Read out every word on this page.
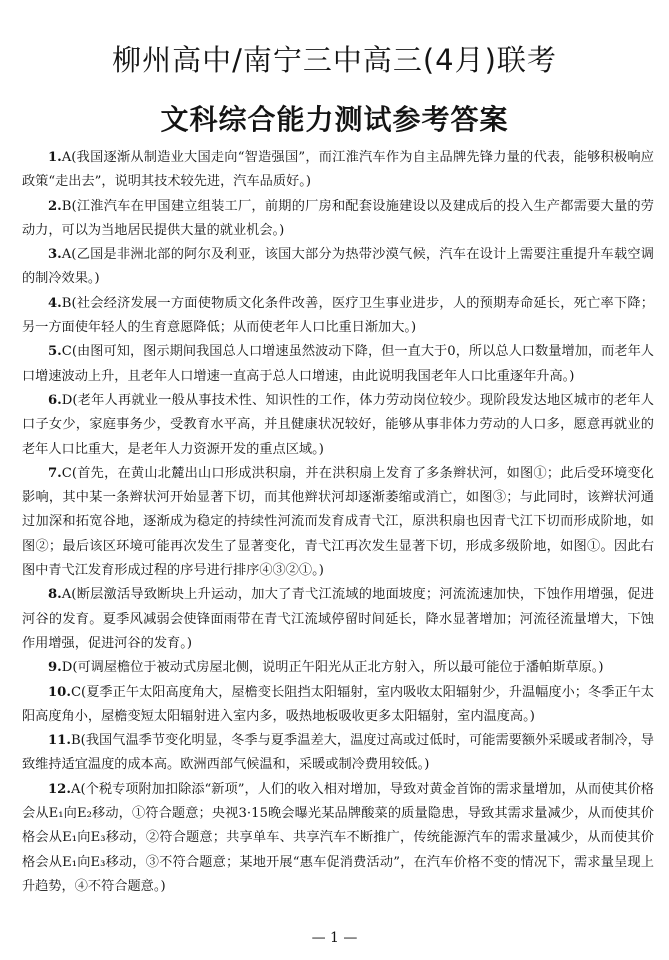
柳州高中/南宁三中高三(4月)联考
文科综合能力测试参考答案

1.A(我国逐渐从制造业大国走向“智造强国”，而江淮汽车作为自主品牌先锋力量的代表，能够积极响应政策“走出去”，说明其技术较先进，汽车品质好。)

2.B(江淮汽车在甲国建立组装工厂，前期的厂房和配套设施建设以及建成后的投入生产都需要大量的劳动力，可以为当地居民提供大量的就业机会。)

3.A(乙国是非洲北部的阿尔及利亚，该国大部分为热带沙漠气候，汽车在设计上需要注重提升车载空调的制冷效果。)

4.B(社会经济发展一方面使物质文化条件改善，医疗卫生事业进步，人的预期寿命延长，死亡率下降；另一方面使年轻人的生育意愿降低；从而使老年人口比重日渐加大。)

5.C(由图可知，图示期间我国总人口增速虽然波动下降，但一直大于0，所以总人口数量增加，而老年人口增速波动上升，且老年人口增速一直高于总人口增速，由此说明我国老年人口比重逐年升高。)

6.D(老年人再就业一般从事技术性、知识性的工作，体力劳动岗位较少。现阶段发达地区城市的老年人口子女少，家庭事务少，受教育水平高，并且健康状况较好，能够从事非体力劳动的人口多，愿意再就业的老年人口比重大，是老年人力资源开发的重点区域。)

7.C(首先，在黄山北麓出山口形成洪积扇，并在洪积扇上发育了多条辫状河，如图①；此后受环境变化影响，其中某一条辫状河开始显著下切，而其他辫状河却逐渐萎缩或消亡，如图③；与此同时，该辫状河通过加深和拓宽谷地，逐渐成为稳定的持续性河流而发育成青弋江，原洪积扇也因青弋江下切而形成阶地，如图②；最后该区环境可能再次发生了显著变化，青弋江再次发生显著下切，形成多级阶地，如图①。因此右图中青弋江发育形成过程的序号进行排序④③②①。)

8.A(断层激活导致断块上升运动，加大了青弋江流域的地面坡度；河流流速加快，下蚀作用增强，促进河谷的发育。夏季风减弱会使锋面雨带在青弋江流域停留时间延长，降水显著增加；河流径流量增大，下蚀作用增强，促进河谷的发育。)

9.D(可调屋檐位于被动式房屋北侧，说明正午阳光从正北方射入，所以最可能位于潘帕斯草原。)

10.C(夏季正午太阳高度角大，屋檐变长阻挡太阳辐射，室内吸收太阳辐射少，升温幅度小；冬季正午太阳高度角小，屋檐变短太阳辐射进入室内多，吸热地板吸收更多太阳辐射，室内温度高。)

11.B(我国气温季节变化明显，冬季与夏季温差大，温度过高或过低时，可能需要额外采暖或者制冷，导致维持适宜温度的成本高。欧洲西部气候温和，采暖或制冷费用较低。)

12.A(个税专项附加扣除添“新项”，人们的收入相对增加，导致对黄金首饰的需求量增加，从而使其价格会从E₁向E₂移动，①符合题意；央视3·15晚会曝光某品牌酸菜的质量隐患，导致其需求量减少，从而使其价格会从E₁向E₃移动，②符合题意；共享单车、共享汽车不断推广，传统能源汽车的需求量减少，从而使其价格会从E₁向E₃移动，③不符合题意；某地开展“惠车促消费活动”，在汽车价格不变的情况下，需求量呈现上升趋势，④不符合题意。)

— 1 —
